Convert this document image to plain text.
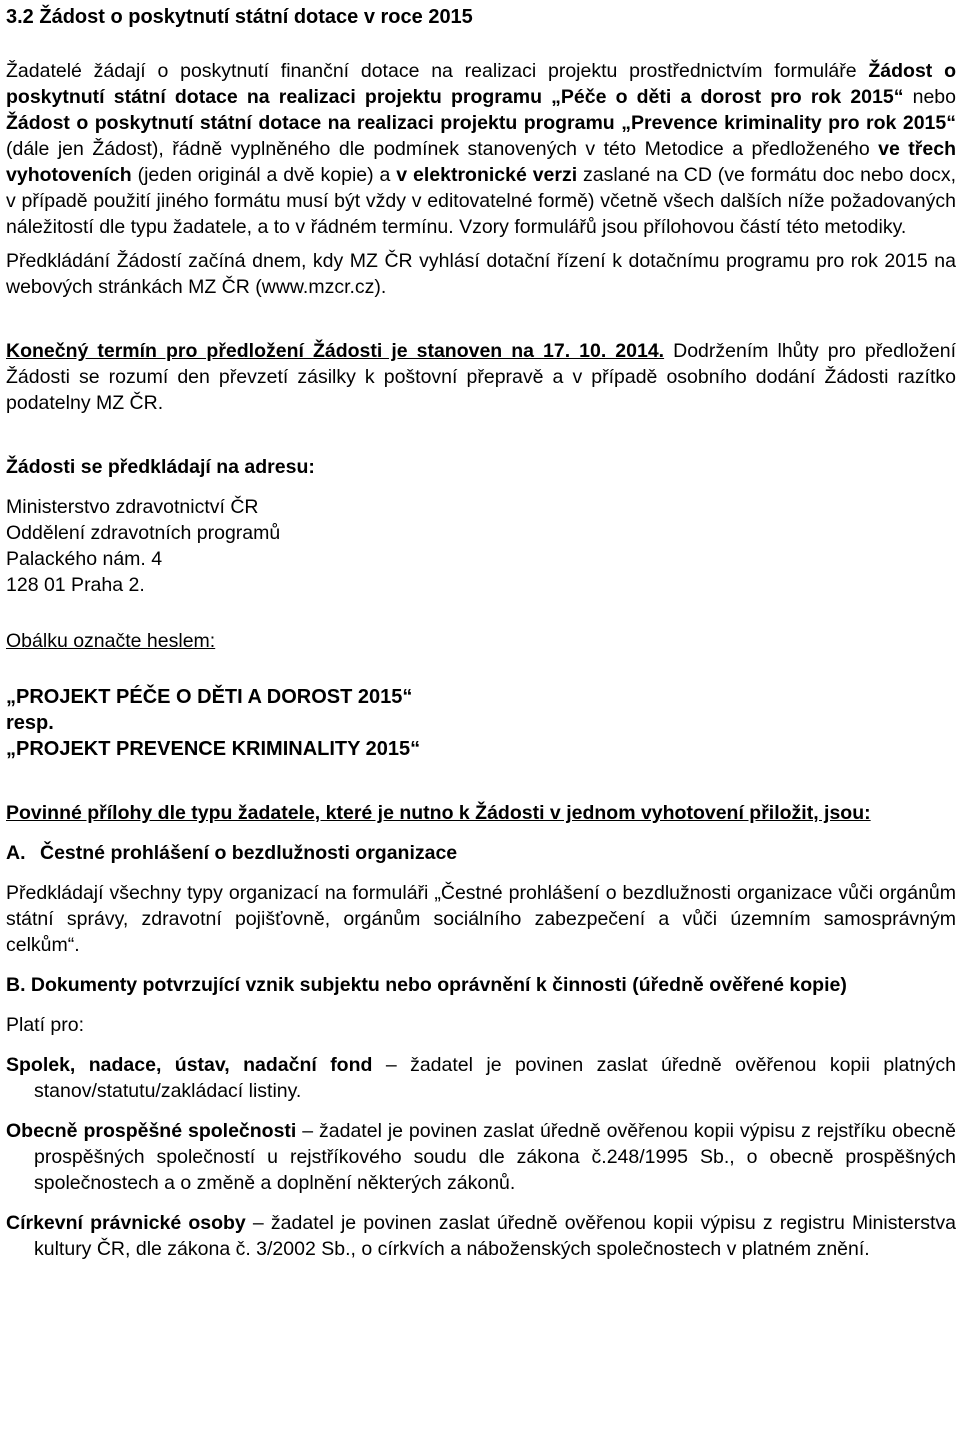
3.2 Žádost o poskytnutí státní dotace v roce 2015

Žadatelé žádají o poskytnutí finanční dotace na realizaci projektu prostřednictvím formuláře Žádost o poskytnutí státní dotace na realizaci projektu programu „Péče o děti a dorost pro rok 2015“ nebo Žádost o poskytnutí státní dotace na realizaci projektu programu „Prevence kriminality pro rok 2015“ (dále jen Žádost), řádně vyplněného dle podmínek stanovených v této Metodice a předloženého ve třech vyhotoveních (jeden originál a dvě kopie) a v elektronické verzi zaslané na CD (ve formátu doc nebo docx, v případě použití jiného formátu musí být vždy v editovatelné formě) včetně všech dalších níže požadovaných náležitostí dle typu žadatele, a to v řádném termínu. Vzory formulářů jsou přílohovou částí této metodiky.

Předkládání Žádostí začíná dnem, kdy MZ ČR vyhlásí dotační řízení k dotačnímu programu pro rok 2015 na webových stránkách MZ ČR (www.mzcr.cz).

Konečný termín pro předložení Žádosti je stanoven na 17. 10. 2014. Dodržením lhůty pro předložení Žádosti se rozumí den převzetí zásilky k poštovní přepravě a v případě osobního dodání Žádosti razítko podatelny MZ ČR.

Žádosti se předkládají na adresu:

Ministerstvo zdravotnictví ČR

Oddělení zdravotních programů

Palackého nám. 4

128 01 Praha 2.

Obálku označte heslem:

„PROJEKT PÉČE O DĚTI A DOROST 2015“

resp.

„PROJEKT PREVENCE KRIMINALITY 2015“

Povinné přílohy dle typu žadatele, které je nutno k Žádosti v jednom vyhotovení přiložit, jsou:

A. Čestné prohlášení o bezdlužnosti organizace

Předkládají všechny typy organizací na formuláři „Čestné prohlášení o bezdlužnosti organizace vůči orgánům státní správy, zdravotní pojišťovně, orgánům sociálního zabezpečení a vůči územním samosprávným celkům“.

B. Dokumenty potvrzující vznik subjektu nebo oprávnění k činnosti (úředně ověřené kopie)

Platí pro:

Spolek, nadace, ústav, nadační fond – žadatel je povinen zaslat úředně ověřenou kopii platných stanov/statutu/zakládací listiny.

Obecně prospěšné společnosti – žadatel je povinen zaslat úředně ověřenou kopii výpisu z rejstříku obecně prospěšných společností u rejstříkového soudu dle zákona č.248/1995 Sb., o obecně prospěšných společnostech a o změně a doplnění některých zákonů.

Církevní právnické osoby – žadatel je povinen zaslat úředně ověřenou kopii výpisu z registru Ministerstva kultury ČR, dle zákona č. 3/2002 Sb., o církvích a náboženských společnostech v platném znění.
